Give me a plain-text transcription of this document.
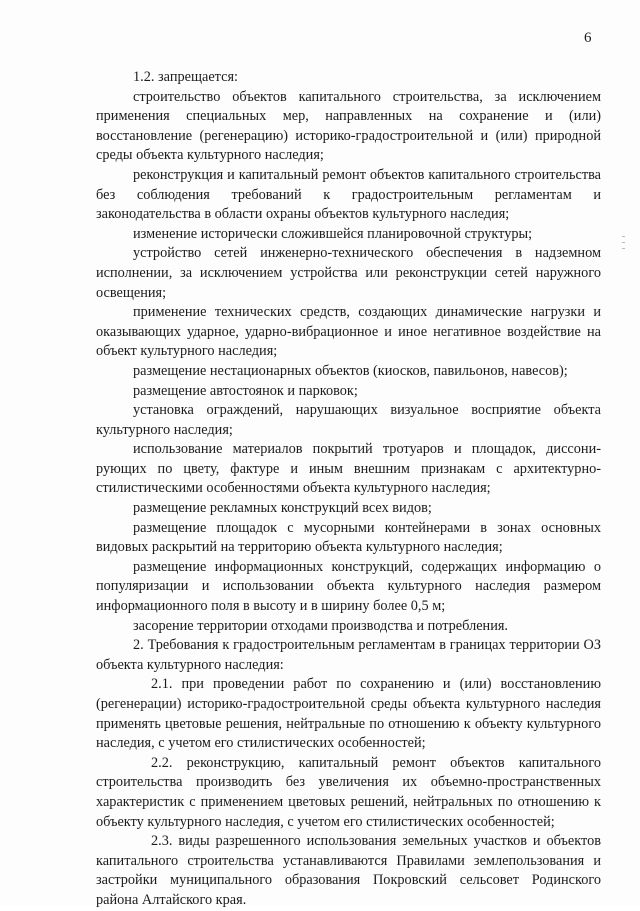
6

1.2. запрещается:

строительство объектов капитального строительства, за исключением применения специальных мер, направленных на сохранение и (или) восстановление (регенерацию) историко-градостроительной и (или) природной среды объекта культурного наследия;

реконструкция и капитальный ремонт объектов капитального строительства без соблюдения требований к градостроительным регламентам и законодательства в области охраны объектов культурного наследия;

изменение исторически сложившейся планировочной структуры;

устройство сетей инженерно-технического обеспечения в надземном исполнении, за исключением устройства или реконструкции сетей наружного освещения;

применение технических средств, создающих динамические нагрузки и оказывающих ударное, ударно-вибрационное и иное негативное воздействие на объект культурного наследия;

размещение нестационарных объектов (киосков, павильонов, навесов);

размещение автостоянок и парковок;

установка ограждений, нарушающих визуальное восприятие объекта культурного наследия;

использование материалов покрытий тротуаров и площадок, диссонирующих по цвету, фактуре и иным внешним признакам с архитектурно-стилистическими особенностями объекта культурного наследия;

размещение рекламных конструкций всех видов;

размещение площадок с мусорными контейнерами в зонах основных видовых раскрытий на территорию объекта культурного наследия;

размещение информационных конструкций, содержащих информацию о популяризации и использовании объекта культурного наследия размером информационного поля в высоту и в ширину более 0,5 м;

засорение территории отходами производства и потребления.

2. Требования к градостроительным регламентам в границах территории ОЗ объекта культурного наследия:

2.1. при проведении работ по сохранению и (или) восстановлению (регенерации) историко-градостроительной среды объекта культурного наследия применять цветовые решения, нейтральные по отношению к объекту культурного наследия, с учетом его стилистических особенностей;

2.2. реконструкцию, капитальный ремонт объектов капитального строительства производить без увеличения их объемно-пространственных характеристик с применением цветовых решений, нейтральных по отношению к объекту культурного наследия, с учетом его стилистических особенностей;

2.3. виды разрешенного использования земельных участков и объектов капитального строительства устанавливаются Правилами землепользования и застройки муниципального образования Покровский сельсовет Родинского района Алтайского края.
